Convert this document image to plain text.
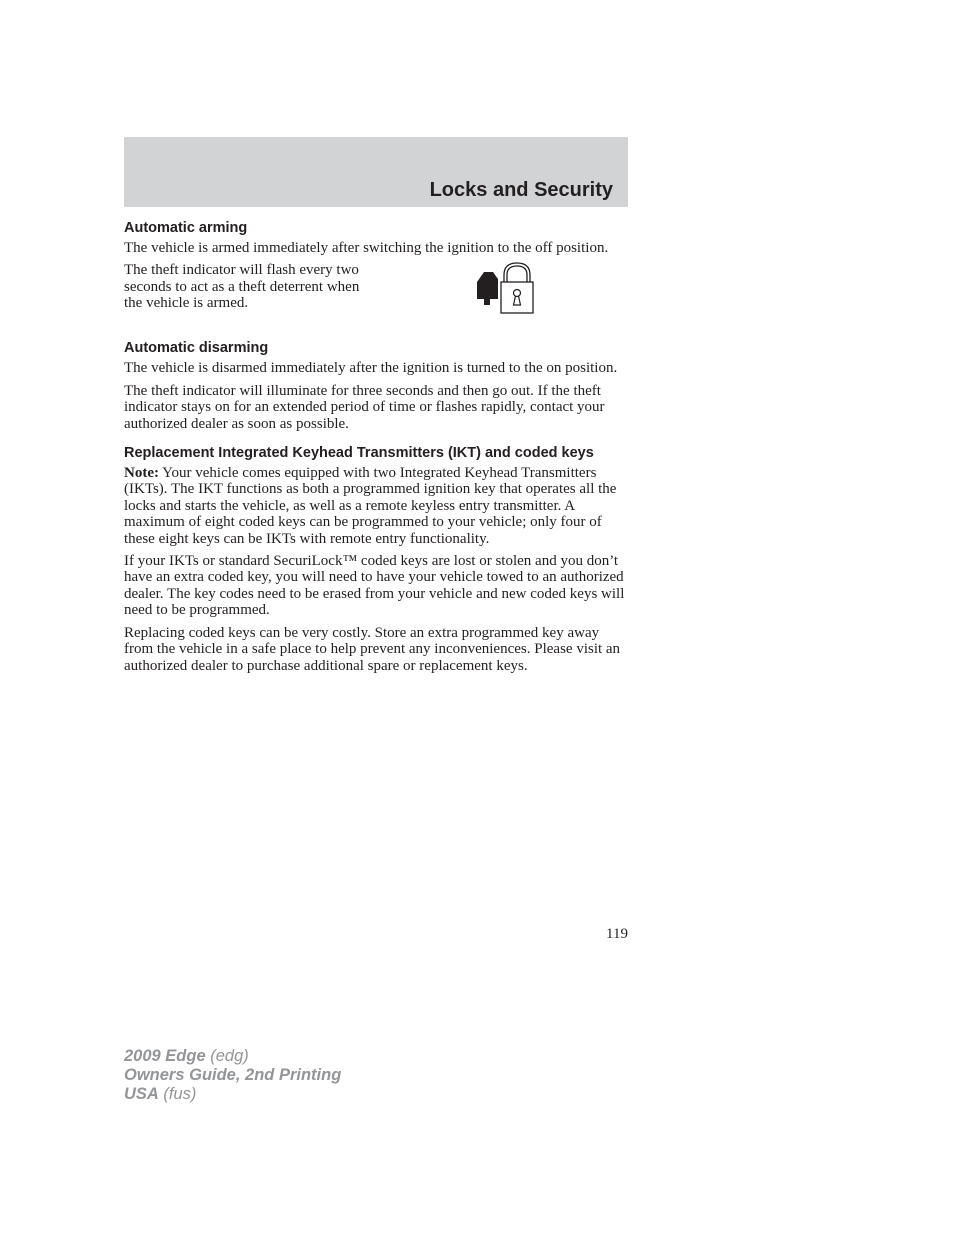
Locks and Security
Automatic arming

The vehicle is armed immediately after switching the ignition to the off position.

The theft indicator will flash every two seconds to act as a theft deterrent when the vehicle is armed.

Automatic disarming

The vehicle is disarmed immediately after the ignition is turned to the on position.

The theft indicator will illuminate for three seconds and then go out. If the theft indicator stays on for an extended period of time or flashes rapidly, contact your authorized dealer as soon as possible.

Replacement Integrated Keyhead Transmitters (IKT) and coded keys

Note: Your vehicle comes equipped with two Integrated Keyhead Transmitters (IKTs). The IKT functions as both a programmed ignition key that operates all the locks and starts the vehicle, as well as a remote keyless entry transmitter. A maximum of eight coded keys can be programmed to your vehicle; only four of these eight keys can be IKTs with remote entry functionality.

If your IKTs or standard SecuriLock™ coded keys are lost or stolen and you don’t have an extra coded key, you will need to have your vehicle towed to an authorized dealer. The key codes need to be erased from your vehicle and new coded keys will need to be programmed.

Replacing coded keys can be very costly. Store an extra programmed key away from the vehicle in a safe place to help prevent any inconveniences. Please visit an authorized dealer to purchase additional spare or replacement keys.

119
2009 Edge (edg)
Owners Guide, 2nd Printing
USA (fus)
